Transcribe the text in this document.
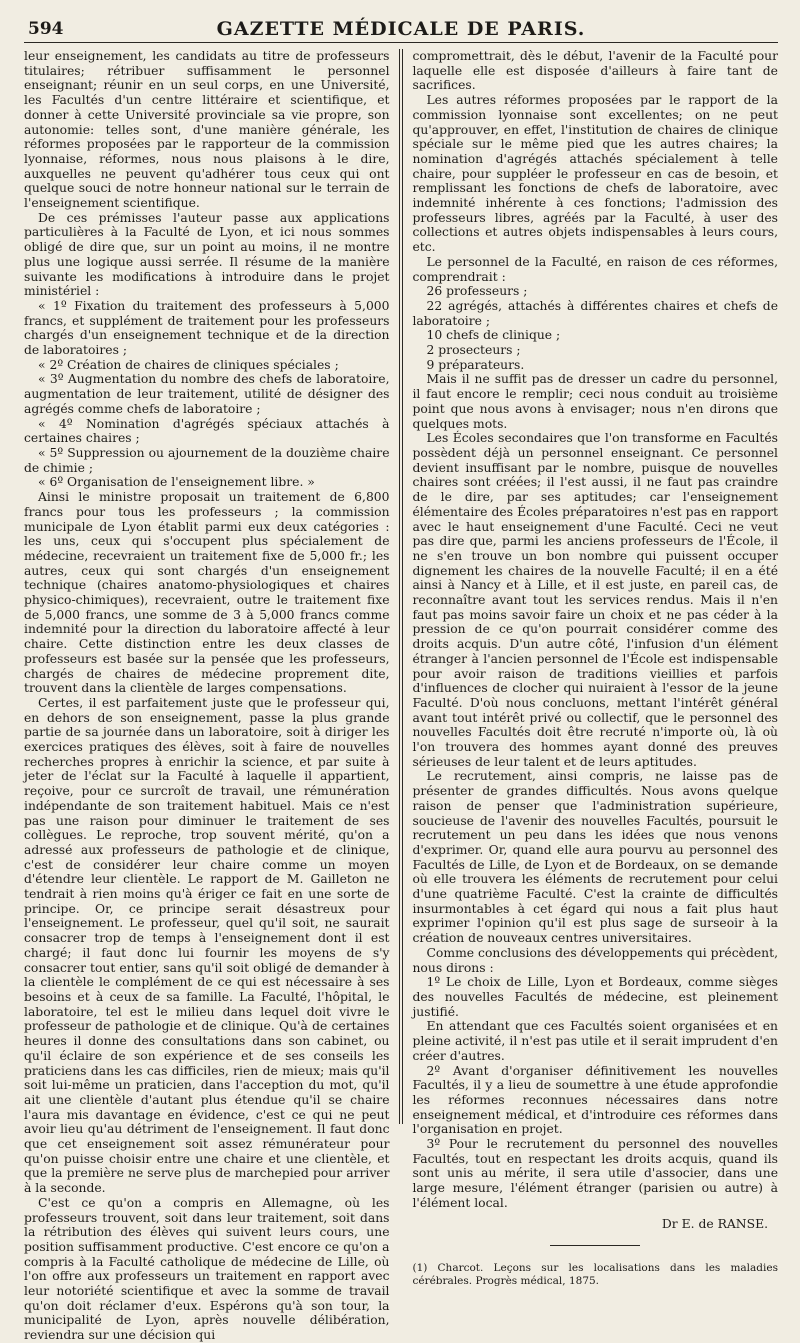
594	GAZETTE MÉDICALE DE PARIS.

leur enseignement, les candidats au titre de professeurs titulaires; rétribuer suffisamment le personnel enseignant; réunir en un seul corps, en une Université, les Facultés d'un centre littéraire et scientifique, et donner à cette Université provinciale sa vie propre, son autonomie: telles sont, d'une manière générale, les réformes proposées par le rapporteur de la commission lyonnaise, réformes, nous nous plaisons à le dire, auxquelles ne peuvent qu'adhérer tous ceux qui ont quelque souci de notre honneur national sur le terrain de l'enseignement scientifique.

De ces prémisses l'auteur passe aux applications particulières à la Faculté de Lyon, et ici nous sommes obligé de dire que, sur un point au moins, il ne montre plus une logique aussi serrée. Il résume de la manière suivante les modifications à introduire dans le projet ministériel :

« 1º Fixation du traitement des professeurs à 5,000 francs, et supplément de traitement pour les professeurs chargés d'un enseignement technique et de la direction de laboratoires ;

« 2º Création de chaires de cliniques spéciales ;

« 3º Augmentation du nombre des chefs de laboratoire, augmentation de leur traitement, utilité de désigner des agrégés comme chefs de laboratoire ;

« 4º Nomination d'agrégés spéciaux attachés à certaines chaires ;

« 5º Suppression ou ajournement de la douzième chaire de chimie ;

« 6º Organisation de l'enseignement libre. »

Ainsi le ministre proposait un traitement de 6,800 francs pour tous les professeurs ; la commission municipale de Lyon établit parmi eux deux catégories : les uns, ceux qui s'occupent plus spécialement de médecine, recevraient un traitement fixe de 5,000 fr.; les autres, ceux qui sont chargés d'un enseignement technique (chaires anatomo-physiologiques et chaires physico-chimiques), recevraient, outre le traitement fixe de 5,000 francs, une somme de 3 à 5,000 francs comme indemnité pour la direction du laboratoire affecté à leur chaire. Cette distinction entre les deux classes de professeurs est basée sur la pensée que les professeurs, chargés de chaires de médecine proprement dite, trouvent dans la clientèle de larges compensations.

Certes, il est parfaitement juste que le professeur qui, en dehors de son enseignement, passe la plus grande partie de sa journée dans un laboratoire, soit à diriger les exercices pratiques des élèves, soit à faire de nouvelles recherches propres à enrichir la science, et par suite à jeter de l'éclat sur la Faculté à laquelle il appartient, reçoive, pour ce surcroît de travail, une rémunération indépendante de son traitement habituel. Mais ce n'est pas une raison pour diminuer le traitement de ses collègues. Le reproche, trop souvent mérité, qu'on a adressé aux professeurs de pathologie et de clinique, c'est de considérer leur chaire comme un moyen d'étendre leur clientèle. Le rapport de M. Gailleton ne tendrait à rien moins qu'à ériger ce fait en une sorte de principe. Or, ce principe serait désastreux pour l'enseignement. Le professeur, quel qu'il soit, ne saurait consacrer trop de temps à l'enseignement dont il est chargé; il faut donc lui fournir les moyens de s'y consacrer tout entier, sans qu'il soit obligé de demander à la clientèle le complément de ce qui est nécessaire à ses besoins et à ceux de sa famille. La Faculté, l'hôpital, le laboratoire, tel est le milieu dans lequel doit vivre le professeur de pathologie et de clinique. Qu'à de certaines heures il donne des consultations dans son cabinet, ou qu'il éclaire de son expérience et de ses conseils les praticiens dans les cas difficiles, rien de mieux; mais qu'il soit lui-même un praticien, dans l'acception du mot, qu'il ait une clientèle d'autant plus étendue qu'il se chaire l'aura mis davantage en évidence, c'est ce qui ne peut avoir lieu qu'au détriment de l'enseignement. Il faut donc que cet enseignement soit assez rémunérateur pour qu'on puisse choisir entre une chaire et une clientèle, et que la première ne serve plus de marchepied pour arriver à la seconde.

C'est ce qu'on a compris en Allemagne, où les professeurs trouvent, soit dans leur traitement, soit dans la rétribution des élèves qui suivent leurs cours, une position suffisamment productive. C'est encore ce qu'on a compris à la Faculté catholique de médecine de Lille, où l'on offre aux professeurs un traitement en rapport avec leur notoriété scientifique et avec la somme de travail qu'on doit réclamer d'eux. Espérons qu'à son tour, la municipalité de Lyon, après nouvelle délibération, reviendra sur une décision qui

compromettrait, dès le début, l'avenir de la Faculté pour laquelle elle est disposée d'ailleurs à faire tant de sacrifices.

Les autres réformes proposées par le rapport de la commission lyonnaise sont excellentes; on ne peut qu'approuver, en effet, l'institution de chaires de clinique spéciale sur le même pied que les autres chaires; la nomination d'agrégés attachés spécialement à telle chaire, pour suppléer le professeur en cas de besoin, et remplissant les fonctions de chefs de laboratoire, avec indemnité inhérente à ces fonctions; l'admission des professeurs libres, agréés par la Faculté, à user des collections et autres objets indispensables à leurs cours, etc.

Le personnel de la Faculté, en raison de ces réformes, comprendrait :

26 professeurs ;

22 agrégés, attachés à différentes chaires et chefs de laboratoire ;

10 chefs de clinique ;

2 prosecteurs ;

9 préparateurs.

Mais il ne suffit pas de dresser un cadre du personnel, il faut encore le remplir; ceci nous conduit au troisième point que nous avons à envisager; nous n'en dirons que quelques mots.

Les Écoles secondaires que l'on transforme en Facultés possèdent déjà un personnel enseignant. Ce personnel devient insuffisant par le nombre, puisque de nouvelles chaires sont créées; il l'est aussi, il ne faut pas craindre de le dire, par ses aptitudes; car l'enseignement élémentaire des Écoles préparatoires n'est pas en rapport avec le haut enseignement d'une Faculté. Ceci ne veut pas dire que, parmi les anciens professeurs de l'École, il ne s'en trouve un bon nombre qui puissent occuper dignement les chaires de la nouvelle Faculté; il en a été ainsi à Nancy et à Lille, et il est juste, en pareil cas, de reconnaître avant tout les services rendus. Mais il n'en faut pas moins savoir faire un choix et ne pas céder à la pression de ce qu'on pourrait considérer comme des droits acquis. D'un autre côté, l'infusion d'un élément étranger à l'ancien personnel de l'École est indispensable pour avoir raison de traditions vieillies et parfois d'influences de clocher qui nuiraient à l'essor de la jeune Faculté. D'où nous concluons, mettant l'intérêt général avant tout intérêt privé ou collectif, que le personnel des nouvelles Facultés doit être recruté n'importe où, là où l'on trouvera des hommes ayant donné des preuves sérieuses de leur talent et de leurs aptitudes.

Le recrutement, ainsi compris, ne laisse pas de présenter de grandes difficultés. Nous avons quelque raison de penser que l'administration supérieure, soucieuse de l'avenir des nouvelles Facultés, poursuit le recrutement un peu dans les idées que nous venons d'exprimer. Or, quand elle aura pourvu au personnel des Facultés de Lille, de Lyon et de Bordeaux, on se demande où elle trouvera les éléments de recrutement pour celui d'une quatrième Faculté. C'est la crainte de difficultés insurmontables à cet égard qui nous a fait plus haut exprimer l'opinion qu'il est plus sage de surseoir à la création de nouveaux centres universitaires.

Comme conclusions des développements qui précèdent, nous dirons :

1º Le choix de Lille, Lyon et Bordeaux, comme sièges des nouvelles Facultés de médecine, est pleinement justifié.

En attendant que ces Facultés soient organisées et en pleine activité, il n'est pas utile et il serait imprudent d'en créer d'autres.

2º Avant d'organiser définitivement les nouvelles Facultés, il y a lieu de soumettre à une étude approfondie les réformes reconnues nécessaires dans notre enseignement médical, et d'introduire ces réformes dans l'organisation en projet.

3º Pour le recrutement du personnel des nouvelles Facultés, tout en respectant les droits acquis, quand ils sont unis au mérite, il sera utile d'associer, dans une large mesure, l'élément étranger (parisien ou autre) à l'élément local.

Dr E. de RANSE.

(1) Charcot. Leçons sur les localisations dans les maladies cérébrales. Progrès médical, 1875.
